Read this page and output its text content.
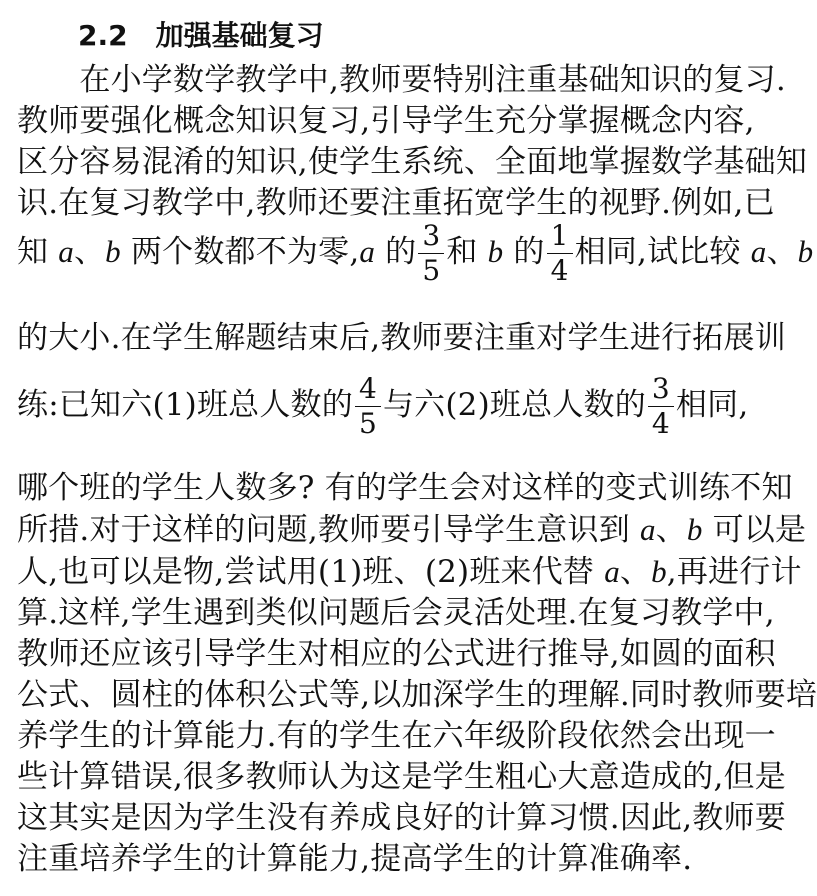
2.2 加强基础复习
　　在小学数学教学中,教师要特别注重基础知识的复习.
教师要强化概念知识复习,引导学生充分掌握概念内容,
区分容易混淆的知识,使学生系统、全面地掌握数学基础知
识.在复习教学中,教师还要注重拓宽学生的视野.例如,已
知 a、b 两个数都不为零,a 的 $\frac{3}{5}$ 和 b 的 $\frac{1}{4}$ 相同,试比较 a、b
的大小.在学生解题结束后,教师要注重对学生进行拓展训
练:已知六(1)班总人数的 $\frac{4}{5}$ 与六(2)班总人数的 $\frac{3}{4}$ 相同,
哪个班的学生人数多? 有的学生会对这样的变式训练不知
所措.对于这样的问题,教师要引导学生意识到 a、b 可以是
人,也可以是物,尝试用(1)班、(2)班来代替 a、b,再进行计
算.这样,学生遇到类似问题后会灵活处理.在复习教学中,
教师还应该引导学生对相应的公式进行推导,如圆的面积
公式、圆柱的体积公式等,以加深学生的理解.同时教师要培
养学生的计算能力.有的学生在六年级阶段依然会出现一
些计算错误,很多教师认为这是学生粗心大意造成的,但是
这其实是因为学生没有养成良好的计算习惯.因此,教师要
注重培养学生的计算能力,提高学生的计算准确率.
